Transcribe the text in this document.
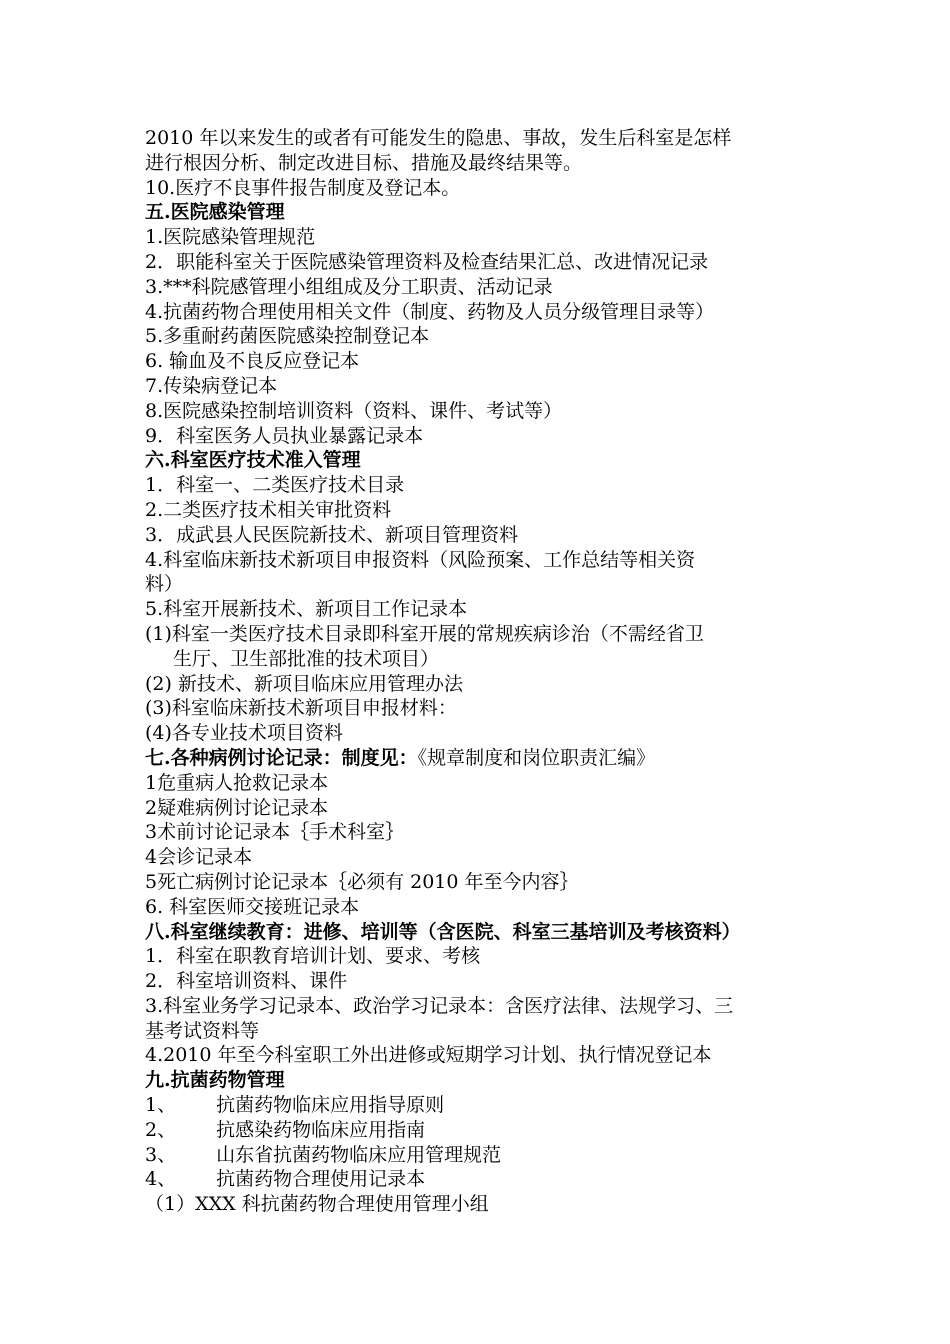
2010 年以来发生的或者有可能发生的隐患、事故，发生后科室是怎样

进行根因分析、制定改进目标、措施及最终结果等。

10.医疗不良事件报告制度及登记本。

五.医院感染管理

1.医院感染管理规范

2．职能科室关于医院感染管理资料及检查结果汇总、改进情况记录

3.***科院感管理小组组成及分工职责、活动记录

4.抗菌药物合理使用相关文件（制度、药物及人员分级管理目录等）

5.多重耐药菌医院感染控制登记本

6. 输血及不良反应登记本

7.传染病登记本

8.医院感染控制培训资料（资料、课件、考试等）

9．科室医务人员执业暴露记录本

六.科室医疗技术准入管理

1．科室一、二类医疗技术目录

2.二类医疗技术相关审批资料

3．成武县人民医院新技术、新项目管理资料

4.科室临床新技术新项目申报资料（风险预案、工作总结等相关资

料）

5.科室开展新技术、新项目工作记录本

(1)科室一类医疗技术目录即科室开展的常规疾病诊治（不需经省卫

生厅、卫生部批准的技术项目）

(2) 新技术、新项目临床应用管理办法

(3)科室临床新技术新项目申报材料：

(4)各专业技术项目资料

七.各种病例讨论记录：制度见：《规章制度和岗位职责汇编》

1危重病人抢救记录本

2疑难病例讨论记录本

3术前讨论记录本｛手术科室｝

4会诊记录本

5死亡病例讨论记录本｛必须有 2010 年至今内容｝

6. 科室医师交接班记录本

八.科室继续教育：进修、培训等（含医院、科室三基培训及考核资料）

1．科室在职教育培训计划、要求、考核

2．科室培训资料、课件

3.科室业务学习记录本、政治学习记录本：含医疗法律、法规学习、三

基考试资料等

4.2010 年至今科室职工外出进修或短期学习计划、执行情况登记本

九.抗菌药物管理

1、 抗菌药物临床应用指导原则

2、 抗感染药物临床应用指南

3、 山东省抗菌药物临床应用管理规范

4、 抗菌药物合理使用记录本

（1）XXX 科抗菌药物合理使用管理小组
